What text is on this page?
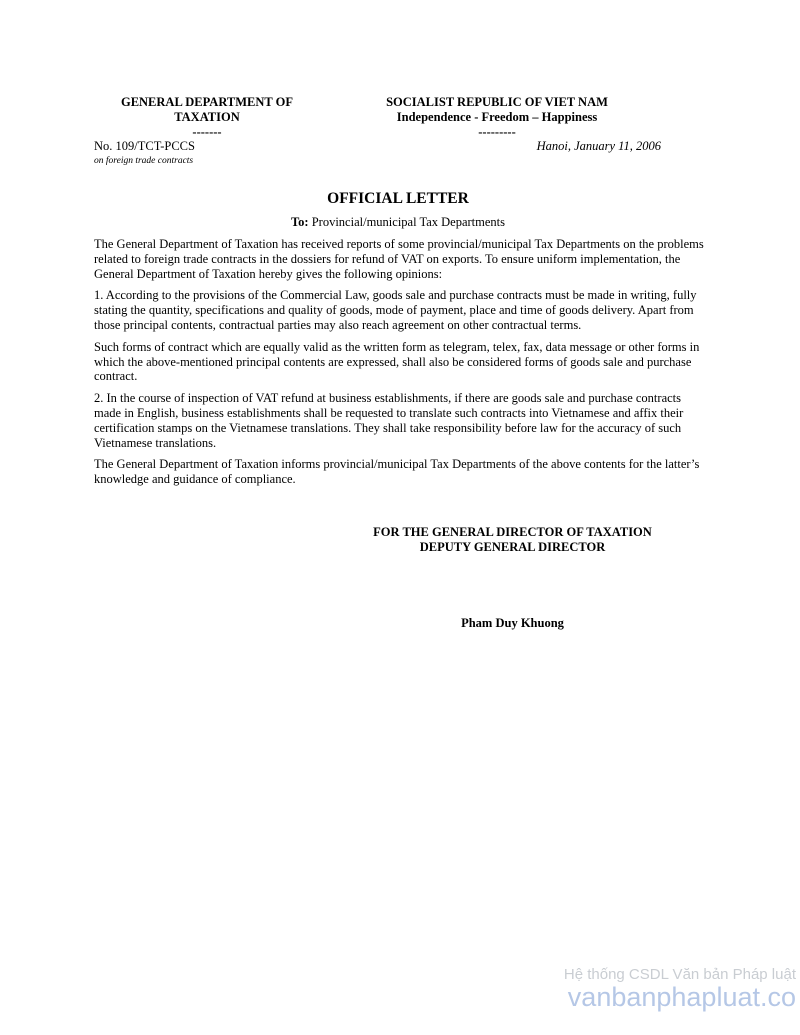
GENERAL DEPARTMENT OF
TAXATION
-------
SOCIALIST REPUBLIC OF VIET NAM
Independence - Freedom – Happiness
---------
No. 109/TCT-PCCS
on foreign trade contracts
Hanoi, January 11, 2006
OFFICIAL LETTER
To: Provincial/municipal Tax Departments

The General Department of Taxation has received reports of some provincial/municipal Tax Departments on the problems related to foreign trade contracts in the dossiers for refund of VAT on exports. To ensure uniform implementation, the General Department of Taxation hereby gives the following opinions:

1. According to the provisions of the Commercial Law, goods sale and purchase contracts must be made in writing, fully stating the quantity, specifications and quality of goods, mode of payment, place and time of goods delivery. Apart from those principal contents, contractual parties may also reach agreement on other contractual terms.

Such forms of contract which are equally valid as the written form as telegram, telex, fax, data message or other forms in which the above-mentioned principal contents are expressed, shall also be considered forms of goods sale and purchase contract.

2. In the course of inspection of VAT refund at business establishments, if there are goods sale and purchase contracts made in English, business establishments shall be requested to translate such contracts into Vietnamese and affix their certification stamps on the Vietnamese translations. They shall take responsibility before law for the accuracy of such Vietnamese translations.

The General Department of Taxation informs provincial/municipal Tax Departments of the above contents for the latter’s knowledge and guidance of compliance.

FOR THE GENERAL DIRECTOR OF TAXATION
DEPUTY GENERAL DIRECTOR
Pham Duy Khuong
Hệ thống CSDL Văn bản Pháp luật
vanbanphapluat.co
